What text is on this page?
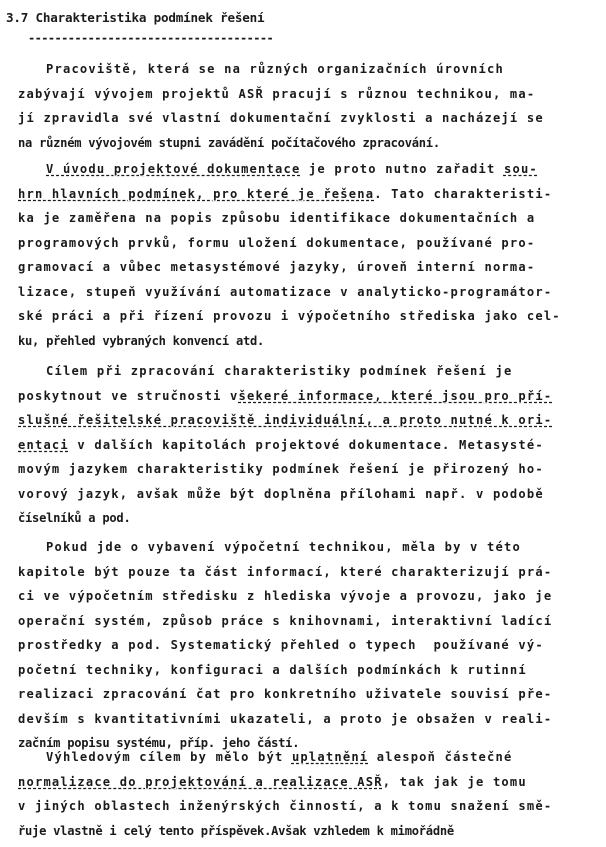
3.7 Charakteristika podmínek řešení
-------------------------------------
Pracoviště, která se na různých organizačních úrovních
zabývají vývojem projektů ASŘ pracují s různou technikou, ma-
jí zpravidla své vlastní dokumentační zvyklosti a nacházejí se
na různém vývojovém stupni zavádění počítačového zpracování.
V úvodu projektové dokumentace je proto nutno zařadit sou-
hrn hlavních podmínek, pro které je řešena. Tato charakteristi-
ka je zaměřena na popis způsobu identifikace dokumentačních a
programových prvků, formu uložení dokumentace, používané pro-
gramovací a vůbec metasystémové jazyky, úroveň interní norma-
lizace, stupeň využívání automatizace v analyticko-programátor-
ské práci a při řízení provozu i výpočetního střediska jako cel-
ku, přehled vybraných konvencí atd.
Cílem při zpracování charakteristiky podmínek řešení je
poskytnout ve stručnosti všekeré informace, které jsou pro pří-
slušné řešitelské pracoviště individuální, a proto nutné k ori-
entaci v dalších kapitolách projektové dokumentace. Metasysté-
movým jazykem charakteristiky podmínek řešení je přirozený ho-
vorový jazyk, avšak může být doplněna přílohami např. v podobě
číselníků a pod.
Pokud jde o vybavení výpočetní technikou, měla by v této
kapitole být pouze ta část informací, které charakterizují prá-
ci ve výpočetním středisku z hlediska vývoje a provozu, jako je
operační systém, způsob práce s knihovnami, interaktivní ladící
prostředky a pod. Systematický přehled o typech  používané vý-
početní techniky, konfiguraci a dalších podmínkách k rutinní
realizaci zpracování čat pro konkretního uživatele souvisí pře-
devším s kvantitativními ukazateli, a proto je obsažen v reali-
začním popisu systému, příp. jeho částí.
Výhledovým cílem by mělo být uplatnění alespoň částečné
normalizace do projektování a realizace ASŘ, tak jak je tomu
v jiných oblastech inženýrských činností, a k tomu snažení smě-
řuje vlastně i celý tento příspěvek.Avšak vzhledem k mimořádně
